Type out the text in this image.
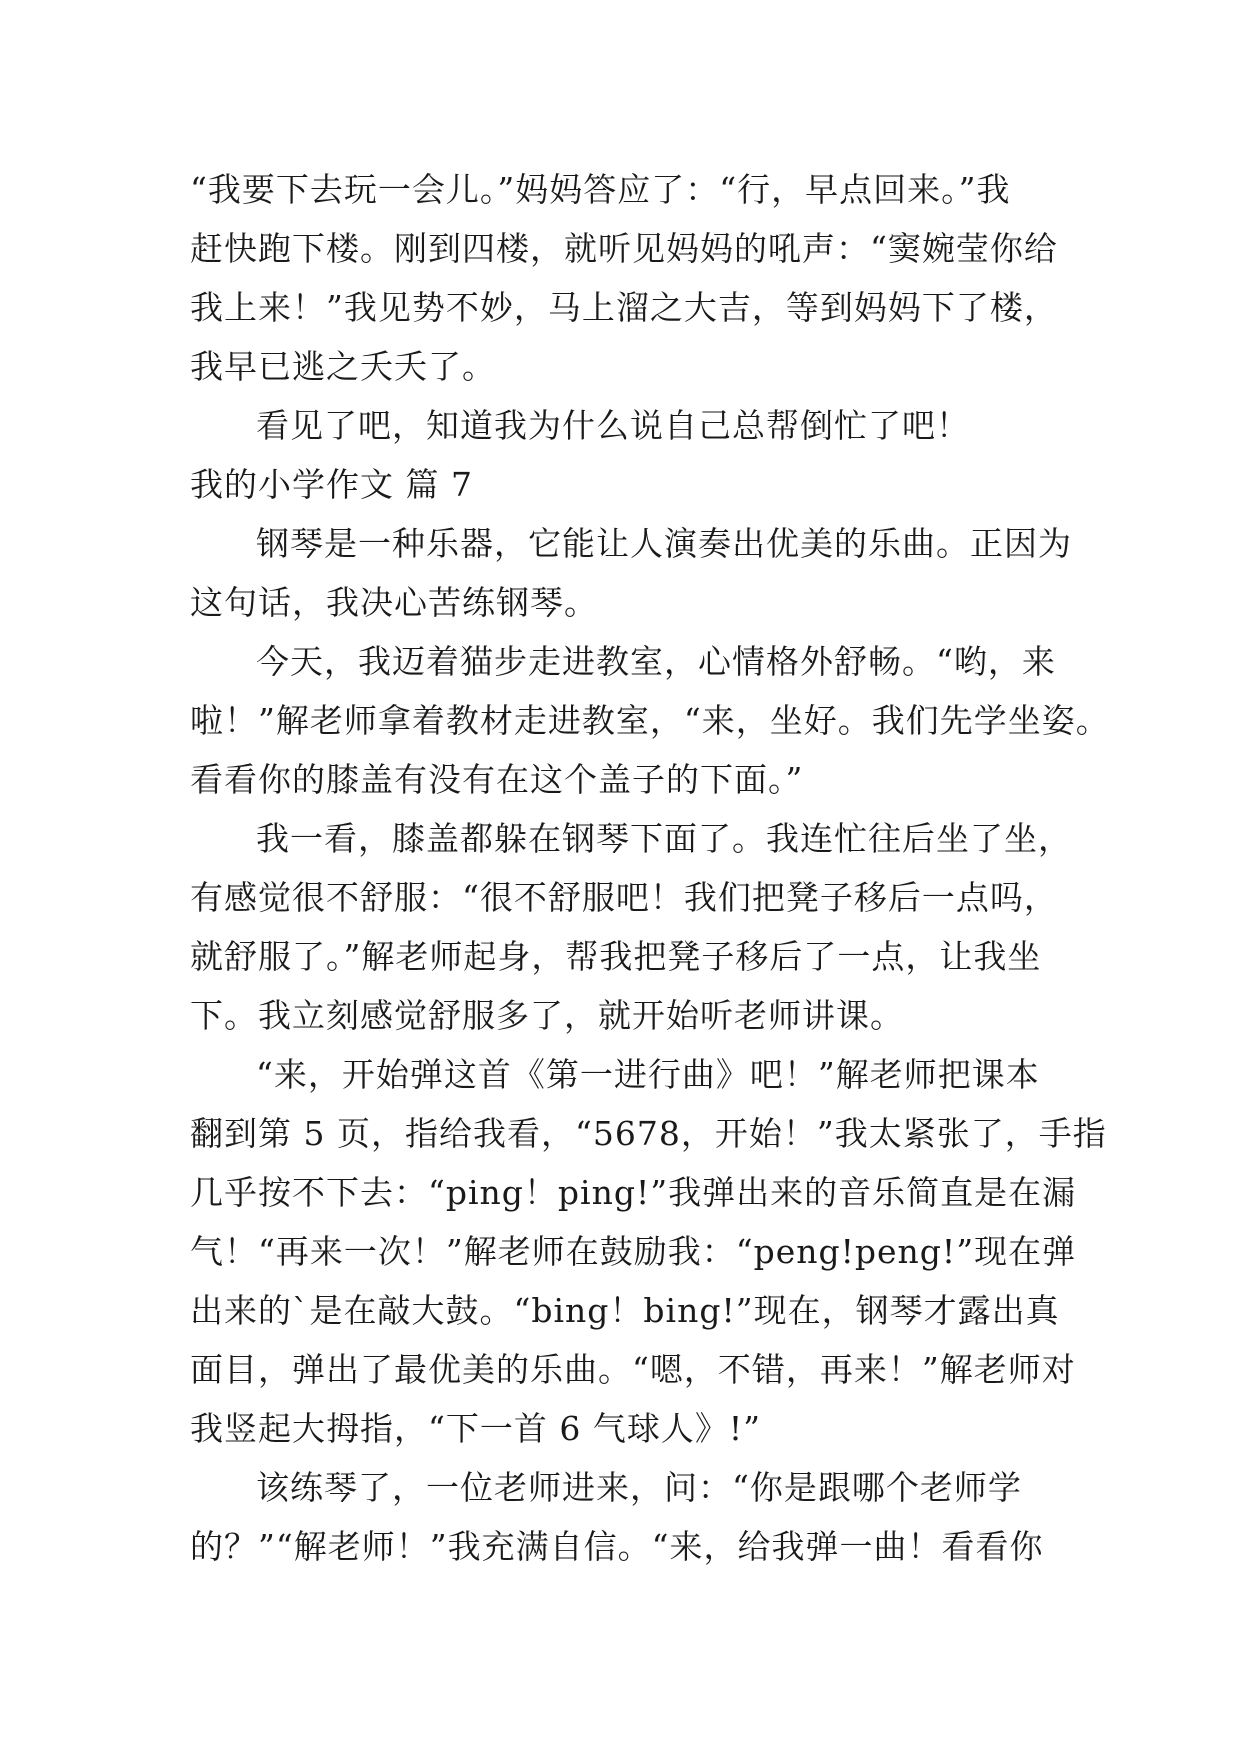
“我要下去玩一会儿。”妈妈答应了：“行，早点回来。”我
赶快跑下楼。刚到四楼，就听见妈妈的吼声：“窦婉莹你给
我上来！”我见势不妙，马上溜之大吉，等到妈妈下了楼，
我早已逃之夭夭了。
看见了吧，知道我为什么说自己总帮倒忙了吧！
我的小学作文 篇 7
钢琴是一种乐器，它能让人演奏出优美的乐曲。正因为
这句话，我决心苦练钢琴。
今天，我迈着猫步走进教室，心情格外舒畅。“哟，来
啦！”解老师拿着教材走进教室，“来，坐好。我们先学坐姿。
看看你的膝盖有没有在这个盖子的下面。”
我一看，膝盖都躲在钢琴下面了。我连忙往后坐了坐，
有感觉很不舒服：“很不舒服吧！我们把凳子移后一点吗，
就舒服了。”解老师起身，帮我把凳子移后了一点，让我坐
下。我立刻感觉舒服多了，就开始听老师讲课。
“来，开始弹这首《第一进行曲》吧！”解老师把课本
翻到第 5 页，指给我看，“5678，开始！”我太紧张了，手指
几乎按不下去：“ping！ping!”我弹出来的音乐简直是在漏
气！“再来一次！”解老师在鼓励我：“peng!peng!”现在弹
出来的`是在敲大鼓。“bing！bing!”现在，钢琴才露出真
面目，弹出了最优美的乐曲。“嗯，不错，再来！”解老师对
我竖起大拇指，“下一首 6 气球人》!”
该练琴了，一位老师进来，问：“你是跟哪个老师学
的？”“解老师！”我充满自信。“来，给我弹一曲！看看你
